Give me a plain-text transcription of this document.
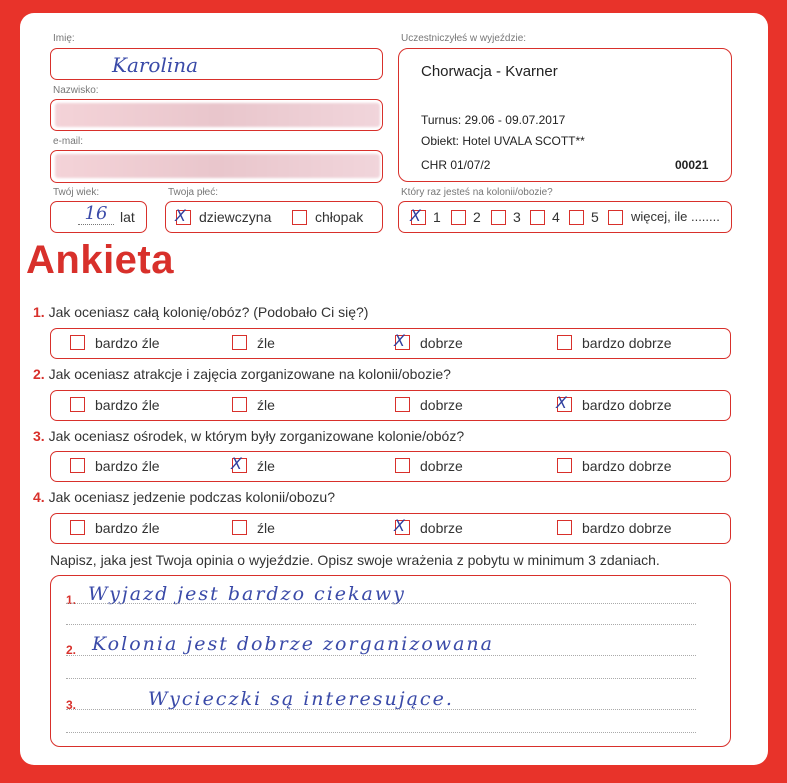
Imię:
Karolina
Nazwisko:
e-mail:
Twój wiek:
16 lat
Twoja płeć:
X dziewczyna	chłopak
Uczestniczyłeś w wyjeździe:
Chorwacja - Kvarner
Turnus: 29.06 - 09.07.2017
Obiekt: Hotel UVALA SCOTT**
CHR 01/07/2	00021
Który raz jesteś na kolonii/obozie?
X 1 2 3 4 5 więcej, ile ........
Ankieta
1. Jak oceniasz całą kolonię/obóz? (Podobało Ci się?)
bardzo źle	źle	X dobrze	bardzo dobrze
2. Jak oceniasz atrakcje i zajęcia zorganizowane na kolonii/obozie?
bardzo źle	źle	dobrze	X bardzo dobrze
3. Jak oceniasz ośrodek, w którym były zorganizowane kolonie/obóz?
bardzo źle	X źle	dobrze	bardzo dobrze
4. Jak oceniasz jedzenie podczas kolonii/obozu?
bardzo źle	źle	X dobrze	bardzo dobrze
Napisz, jaka jest Twoja opinia o wyjeździe. Opisz swoje wrażenia z pobytu w minimum 3 zdaniach.
1. Wyjazd jest bardzo ciekawy
2. Kolonia jest dobrze zorganizowana
3.	Wycieczki są interesujące.
